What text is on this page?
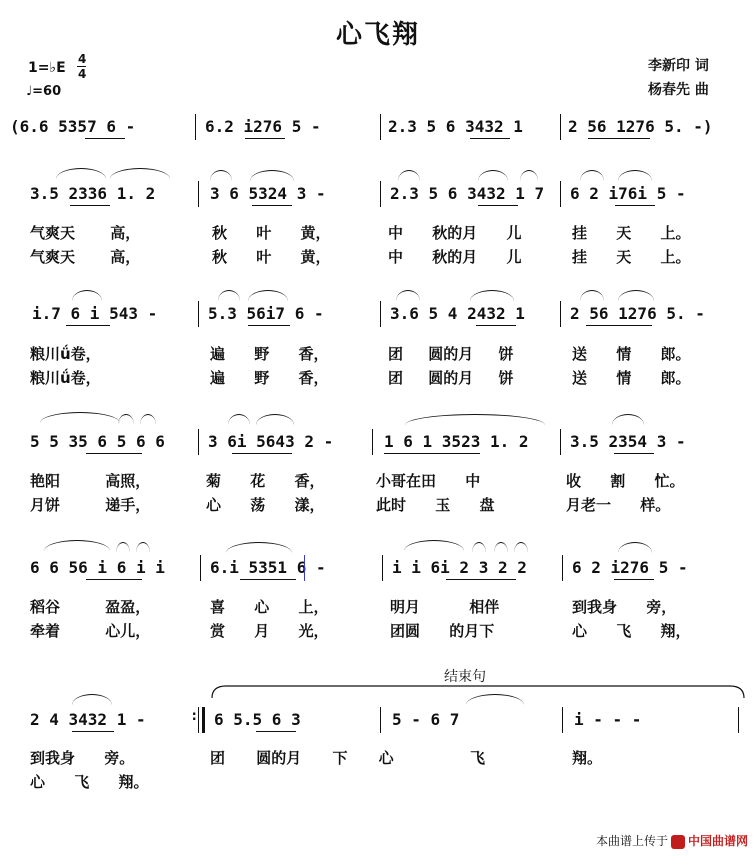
心飞翔
1=♭E
4
4
♩=60
李新印 词
杨春先 曲
(6.6 5357 6 -	6.2 i276 5 -	2.3 5 6 3432 1	2 56 1276 5. -)
3.5 2336 1. 2	3 6 5324 3 -	2.3 5 6 3432 1 7 6 2 i76i 5 -
气爽天 高，	秋 叶 黄，	中 秋的月 儿	挂 天 上。
气爽天 高，	秋 叶 黄，	中 秋的月 儿	挂 天 上。
i.7 6 i 543 -	5.3 56i7 6 -	3.6 5 4 2432 1	2 56 1276 5. -
粮川ǘ卷，	遍 野 香，	团 圆的月 饼	送 情 郎。
粮川ǘ卷，	遍 野 香，	团 圆的月 饼	送 情 郎。
5 5 35 6 5 6 6	3 6i 5643 2 -	1 6 1 3523 1. 2	3.5 2354 3 -
艳阳 高照，	菊 花 香，	小哥在田 中	收 割 忙。
月饼 递手，	心 荡 漾，	此时 玉 盘	月老一 样。
6 6 56 i 6 i i	6.i 5351 6 -	i i 6i 2 3 2 2	6 2 i276 5 -
稻谷 盈盈，	喜 心 上，	明月 相伴	到我身 旁，
牵着 心儿，	赏 月 光，	团圆 的月下	心 飞 翔，
结束句
2 4 3432 1 -	: 6 5.5 6 3	5 - 6 7	i - - -
到我身 旁。	团 圆的月 下 心	飞	翔。
心 飞 翔。
本曲谱上传于 中国曲谱网
